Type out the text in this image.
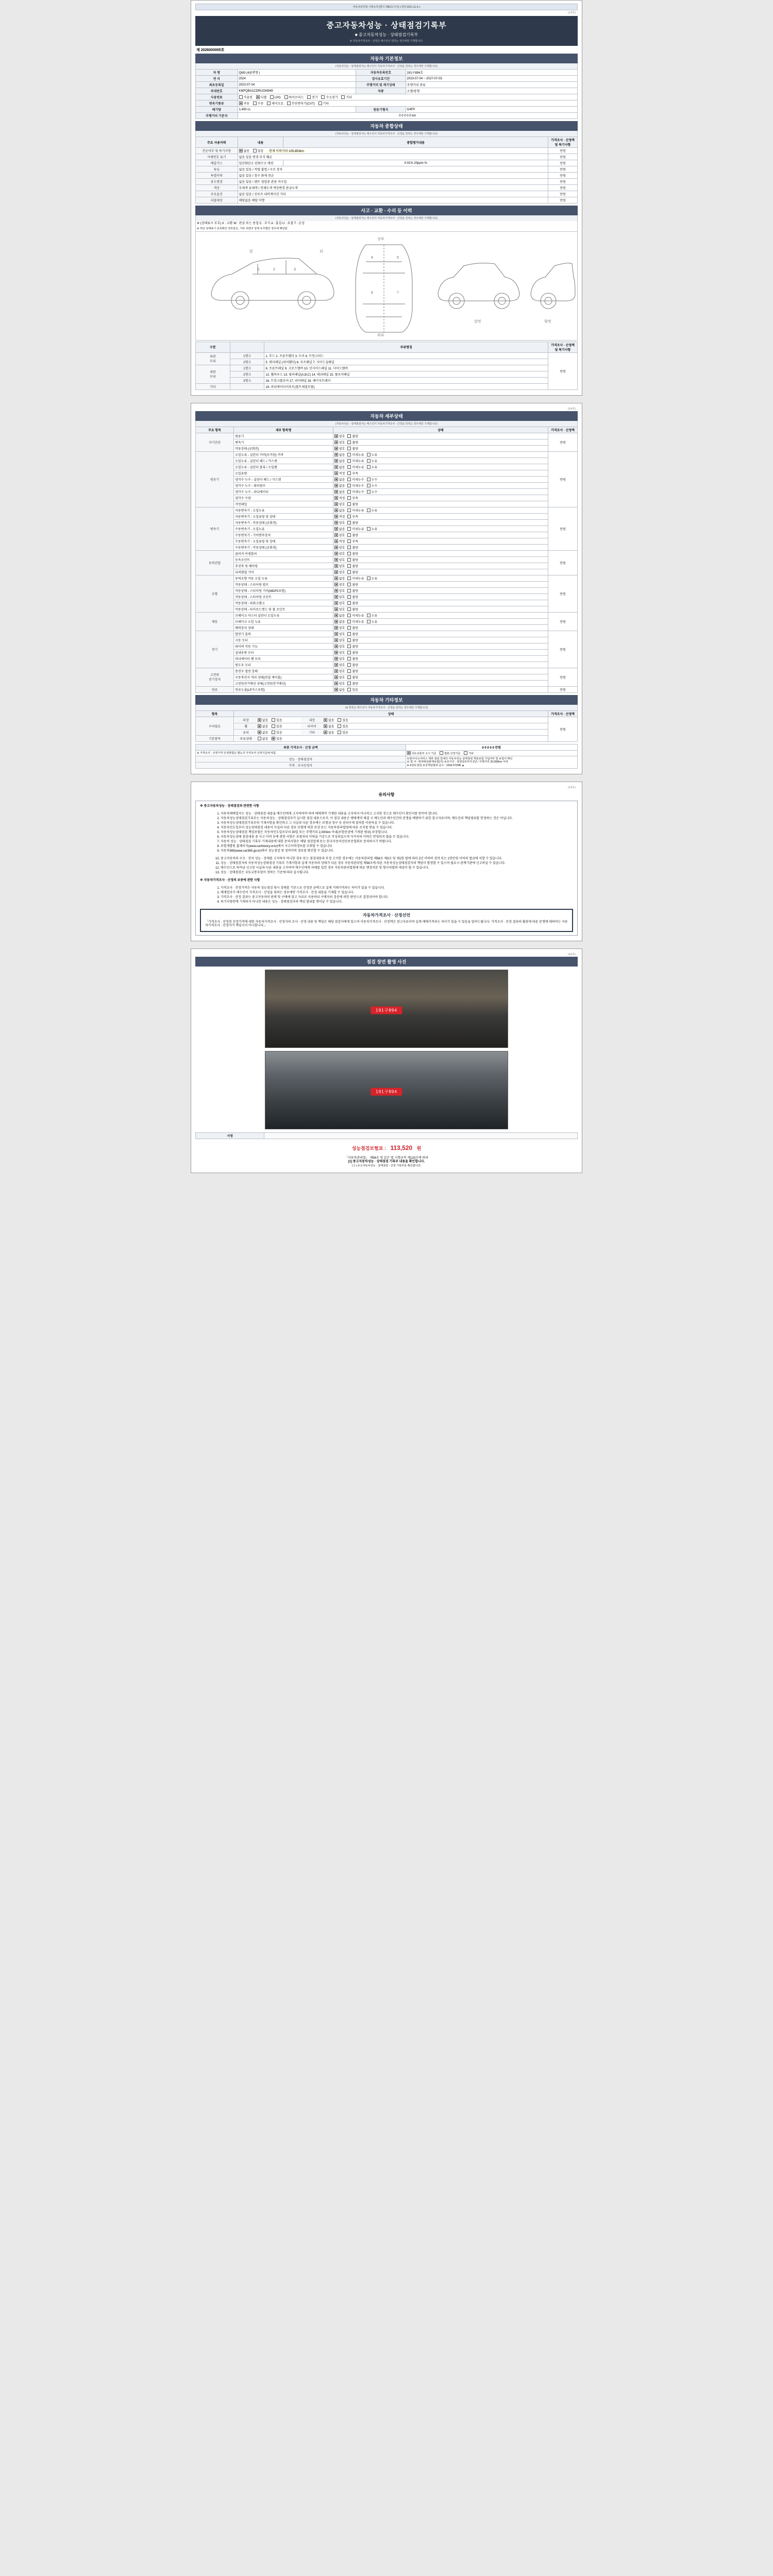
자동차관리법 시행규칙 [별지 제82호서식] <개정 2021.11.6.>
(1/4쪽)
중고자동차성능 · 상태점검기록부
■ 중고자동차성능 · 상태점검기록부
※ 자동차가격조사 · 산정은 매수인이 원하는 경우에만 기재합니다.
제 2026000005호
자동차 기본정보
(자동차성능 · 상태점검자는 매수인이 자동차가격조사 · 산정을 원하는 경우에만 기재합니다)
차 명	QM3 (4륜변형 )	자동차등록번호	191구894호
연 식	2024	검사유효기간	2023-07-04 ~ 2027-07-03
최초등록일	2023-07-04	주행거리 및 계기상태	주행거리 종류
차대번호	KMFQBA1CDRU034949	차종	소형/중형
사용연료	가솔린 디젤 LPG 하이브리드 전기 수소전기 기타		
변속기종류	자동 수동 세미오토 무단변속기(CVT) 기타		
배기량	1,493 cc	원동기형식	G4FР
주행거리 기준치	0 0 0 0 0 km		
자동차 종합상태
(자동차성능 · 상태점검자는 매수인이 자동차가격조사 · 산정을 원하는 경우에만 기재합니다)
주요 사용이력	내용	종합평가내용	가격조사 · 산정액 및 특기사항
전손여부 및 특기사항	없음 있음 현재 이력거의 105,853km		만원
자체번호 표기	없음 있음 변경 부식 훼손		만원
배출가스	일산화탄소 탄화수소 매연	0.01% 20ppm %	만원
튜닝	없음 있음 / 적법 불법 / 구조 장치		만원
특별이력	없음 있음 / 침수 화재 전손		만원
용도변경	없음 있음 / 렌트 영업용 관용 직수입		만원
색상	무채색 유채색 / 전체도색 색상변경 판금도색		만원
주요옵션	없음 있음 / 선루프 내비게이션 기타		만원
리콜대상	해당없음 해당 이행		만원
사고 · 교환 · 수리 등 이력
(자동차성능 · 상태점검자는 매수인이 자동차가격조사 · 산정을 원하는 경우에만 기재합니다)
※ (상태표시 부호) X : 교환 W : 판금 또는 용접 C : 부식 A : 흠집 U : 요철 T : 손상
※ 하단 상태표시 등록확인 전부분은, 기타 차량의 상태 유무별인 경우에 해당함
앞	뒤
상부
하부
앞면	뒷면
1	2	3
4	5
6	7
구분		부위명칭	가격조사 · 산정액 및 특기사항
외판
부위	1랭크	1. 후드 2. 프론트휀더 3. 도어 4. 트렁크리드	만원
	2랭크	5. 쿼터패널 (리어휀더) 6. 루프패널 7. 사이드실패널	
내판
부위	1랭크	8. 프론트패널 9. 크로스멤버 10. 인사이드패널 11. 사이드멤버	
	2랭크	12. 휠하우스 13. 필러패널(A,B,C) 14. 대쉬패널 15. 플로어패널	
	3랭크	16. 트렁크플로어 17. 리어패널 18. 패키지트레이	
기타		19. 라디에이터서포트(볼트체결부품)	
(3/4쪽)
자동차 세부상태
(자동차성능 · 상태점검자는 매수인이 자동차가격조사 · 산정을 원하는 경우에만 기재합니다)
주요 항목	세부 항목명	상태	가격조사 · 산정액
자기진단	원동기	양호 불량	만원
	변속기	양호 불량	
	작동상태 (공회전)	양호 불량	
원동기	오일누유 - 실린더 커버(로커암) 커버	없음 미세누유 누유	만원
	오일누유 - 실린더 헤드 / 가스켓	없음 미세누유 누유	
	오일누유 - 실린더 블록 / 오일팬	없음 미세누유 누유	
	오일유량	적정 부족	
	냉각수 누수 - 실린더 헤드 / 가스켓	없음 미세누수 누수	
	냉각수 누수 - 워터펌프	없음 미세누수 누수	
	냉각수 누수 - 라디에이터	없음 미세누수 누수	
	냉각수 수량	적정 부족	
	커먼레일	양호 불량	
변속기	자동변속기 - 오일누유	없음 미세누유 누유	만원
	자동변속기 - 오일유량 및 상태	적정 부족	
	자동변속기 - 작동상태 (공회전)	양호 불량	
	수동변속기 - 오일누유	없음 미세누유 누유	
	수동변속기 - 기어변속장치	양호 불량	
	수동변속기 - 오일유량 및 상태	적정 부족	
	수동변속기 - 작동상태 (공회전)	양호 불량	
동력전달	클러치 어셈블리	양호 불량	만원
	등속조인트	양호 불량	
	추진축 및 베어링	양호 불량	
	디퍼렌셜 기어	양호 불량	
조향	동력조향 작동 오일 누유	없음 미세누유 누유	만원
	작동상태 - 스티어링 펌프	양호 불량	
	작동상태 - 스티어링 기어(MDPS포함)	양호 불량	
	작동상태 - 스티어링 조인트	양호 불량	
	작동상태 - 파워크랭크	양호 불량	
	작동상태 - 타이로드엔드 및 볼 조인트	양호 불량	
제동	브레이크 마스터 실린더 오일누유	없음 미세누유 누유	만원
	브레이크 오일 누유	없음 미세누유 누유	
	배력장치 상태	양호 불량	
전기	발전기 출력	양호 불량	만원
	시동 모터	양호 불량	
	와이퍼 작동 기능	양호 불량	
	실내송풍 모터	양호 불량	
	라디에이터 팬 모터	양호 불량	
	윈도우 모터	양호 불량	
고전원
전기장치	충전구 절연 상태	양호 불량	만원
	구동축전지 격리 상태(연결 케이블)	양호 불량	
	고전원전기배선 상태(고전원전기배선)	양호 불량	
연료	연료누출(LP가스포함)	없음 있음	만원
자동차 기타정보
(※ 항목은 매수인이 자동차가격조사 · 산정을 원하는 경우에만 기재합니다)
항목	상태	가격조사 · 산정액
수리필요	외장 없음 있음 내장 없음 있음	만원
	휠 없음 있음 타이어 없음 있음	
	유리 없음 있음 기타 없음 있음	
기본품목	보유상태 없음 있음	
최종 가격조사 · 산정 금액	0 0 0 0 0 만원
※ 가격조사 · 산정가격 산정방법은 별도의 가격조사·산정기준에 따름	국토교통부 고시 기준 협회 산정기준 기타
성능 · 상태점검자	토평아이오서비스 제휴 점검 업체의 자동차성능·상태점검 책임보험 가입여부 및 보험사 확인
보 험 사 : 현대해상화재보험(주) 보증기간 : 점검일로부터 2년 / 주행거리 20,000km 이내
※ 6검토점검·보상책임범위 준수 : 1533-0720R ▲

가격 · 조사산정자	
(2/4쪽)
유의사항
※ 중고자동차성능 · 상태점검과 관련한 사항
1. 자동차매매업자는 성능 · 상태점검 내용을 매수인에게 고지하여야 하며 매매계약 기재한 내용을 고지하지 아니하고 고지한 것으로 매수인이 확인서를 받아야 합니다.
2. 자동차성능상태점검기록부는 자동차성능 · 상태점검자가 실시한 점검 내용으로서, 이 점검 내용은 매매계약 체결 시 매도인과 매수인간의 분쟁을 예방하기 위한 참고자료이며, 매도인의 책임범위를 한정하는 것은 아닙니다.
3. 자동차성능상태점검기록부의 기재사항을 확인하고 그 사실과 다른 경우에는 보험금 청구 등 권리구제 절차를 이용하실 수 있습니다.
4. 자동차인도일부터 성능상태점검 내용이 사실과 다른 경우 보험에 의한 보상 또는 자동차관리법령에 따른 조치를 받을 수 있습니다.
5. 자동차성능상태점검 책임보험은 자동차인도일로부터 30일 또는 주행거리 2,000km 이내(보험증권에 기재된 범위) 보장합니다.
6. 자동차성능상태 점검내용 중 사고 이력 등에 관한 사항은 보험처리 이력을 기준으로 작성되었으며 자가처리 이력은 반영되지 않을 수 있습니다.
7. 자동차 성능 · 상태점검 기록부 기재내용에 대한 문의사항은 해당 점검업체 또는 한국자동차진단보증협회로 문의하시기 바랍니다.
8. 보험개발원 홈페이지(www.carhistory.or.kr)에서 사고이력정보를 조회할 수 있습니다.
9. 자동차365(www.car365.go.kr)에서 성능점검 및 정비이력 정보를 확인할 수 있습니다.
10. 중고자동차의 구조 · 장치 성능 · 상태를 고지하지 아니한 경우 또는 점검내용과 부정 고지한 경우에는 자동차관리법 제58조 제3조 및 제1항 벌에 따라 2년 이하의 징역 또는 2천만원 이하의 벌금에 처할 수 있습니다.
11. 성능 · 상태점검자의 자동차성능상태점검 기록부 기재사항과 실제 자동차의 상태가 다른 경우 자동차관리법 제58조에 따른 자동차성능상태점검자의 책임이 발생할 수 있으며 필요시 관계기관에 신고하실 수 있습니다.
12. 매수인으로 하여금 신고된 사실과 다른 내용을 고지하여 매수인에게 피해를 입힌 경우 자동차관리법령에 따른 행정처분 및 형사처벌의 대상이 될 수 있습니다.
13. 성능 · 상태점검은 국토교통부령이 정하는 기준에 따라 실시됩니다.
※ 자동차가격조사 · 산정의 보증에 관한 사항
1. 가격조사 · 산정가격은 자동차 성능점검 당시 상태를 기준으로 산정된 금액으로 실제 거래가격과는 차이가 있을 수 있습니다.
2. 매매업자가 매수인이 가격조사 · 산정을 원하는 경우에만 가격조사 · 산정 내용을 기재할 수 있습니다.
3. 가격조사 · 산정 결과는 중고자동차의 판매 및 구매에 참고 자료로 사용하되 구매자의 검증에 의한 판단으로 결정되어야 합니다.
4. 특기사항란에 기재되지 아니한 내용은 성능 · 상태점검자의 책임 범위를 벗어날 수 있습니다.
자동차가격조사 · 산정선언
「가격조사 · 산정된 산정가격에 대한 자동차가격조사 · 산정자의 조사 · 산정 내용 및 책임은 해당 점검자에게 있으며 자동차가격조사 · 산정액은 참고자료이며 실제 매매가격과는 차이가 있을 수 있음을 알려드립니다. 가격조사 · 산정 결과의 활용에 따른 분쟁에 대하여는 자동차가격조사 · 산정자가 책임지지 아니합니다.」
(4/4쪽)
점검 장면 촬영 사진
191구894
191구894
서명	
성능점검보험료 : 113,520 원
「자동차관리법」 제58조 및 같은 법 시행규칙 제120조에 따라
[1] 중고자동차성능 · 상태점검 기록부 내용을 확인합니다.
( 1 ) 중고자동차성능 · 상태점검 · 산정 기록부를 확인합니다.
